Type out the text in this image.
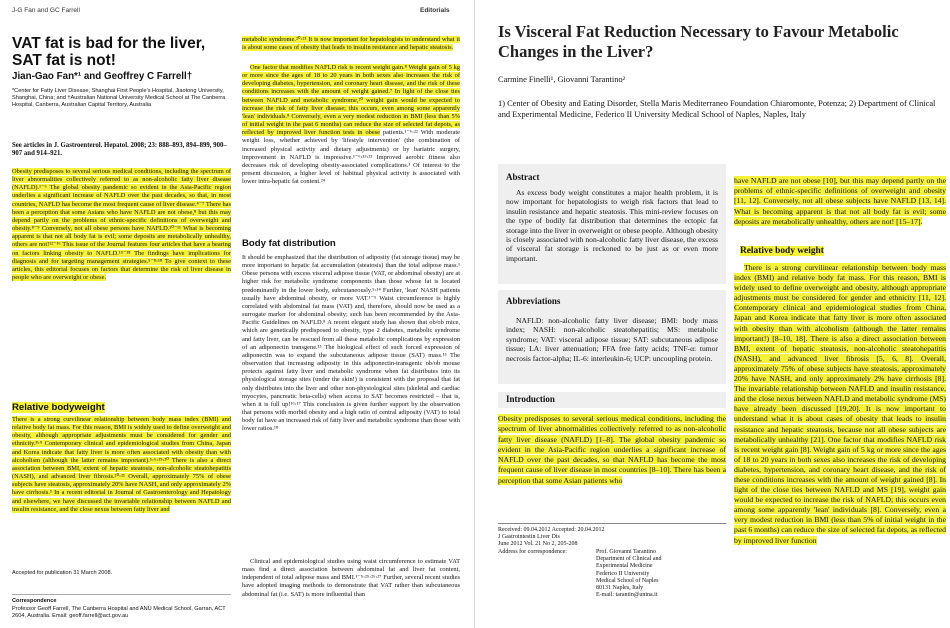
J-G Fan and GC Farrell	Editorials
VAT fat is bad for the liver, SAT fat is not!
Jian-Gao Fan*¹ and Geoffrey C Farrell†
*Center for Fatty Liver Disease, Shanghai First People's Hospital, Jiaotong University, Shanghai, China; and †Australian National University Medical School at The Canberra Hospital, Canberra, Australian Capital Territory, Australia
See articles in J. Gastroenterol. Hepatol. 2008; 23: 888–893, 894–899, 900–907 and 914–921.
Obesity predisposes to several serious medical conditions, including the spectrum of liver abnormalities collectively referred to as non-alcoholic fatty liver disease (NAFLD).¹⁻⁶ The global obesity pandemic so evident in the Asia-Pacific region underlies a significant increase of NAFLD over the past decades, so that, in most countries, NAFLD has become the most frequent cause of liver disease.⁴⁻⁷ There has been a perception that some Asians who have NAFLD are not obese,⁸ but this may depend partly on the problems of ethnic-specific definitions of overweight and obesity.⁸⁻⁹ Conversely, not all obese persons have NAFLD.¹⁰⁻¹¹ What is becoming apparent is that not all body fat is evil; some deposits are metabolically unhealthy, others are not!¹²⁻¹⁶ This issue of the Journal features four articles that have a bearing on factors linking obesity to NAFLD.¹⁵⁻¹⁸ The findings have implications for diagnosis and for targeting management strategies.⁵⁻⁸⋅¹⁸ To give context to these articles, this editorial focuses on factors that determine the risk of liver disease in people who are overweight or obese.
Relative bodyweight
There is a strong curvilinear relationship between body mass index (BMI) and relative body fat mass. For this reason, BMI is widely used to define overweight and obesity, although appropriate adjustments must be considered for gender and ethnicity.⁸⋅⁹ Contemporary clinical and epidemiological studies from China, Japan and Korea indicate that fatty liver is more often associated with obesity than with alcoholism (although the latter remains important).⁵⋅⁶⋅¹⁹⋅²⁰ There is also a direct association between BMI, extent of hepatic steatosis, non-alcoholic steatohepatitis (NASH), and advanced liver fibrosis.²⁰⋅²¹ Overall, approximately 75% of obese subjects have steatosis, approximately 20% have NASH, and only approximately 2% have cirrhosis.⁵ In a recent editorial in Journal of Gastroenterology and Hepatology and elsewhere, we have discussed the invariable relationship between NAFLD and insulin resistance, and the close nexus between fatty liver and
Accepted for publication 31 March 2008.
Correspondence
Professor Geoff Farrell, The Canberra Hospital and ANU Medical School, Garran, ACT 2604, Australia. Email: geoff.farrell@act.gov.au
metabolic syndrome.²⁰⋅²¹ It is now important for hepatologists to understand what it is about some cases of obesity that leads to insulin resistance and hepatic steatosis.
One factor that modifies NAFLD risk is recent weight gain.⁸ Weight gain of 5 kg or more since the ages of 18 to 20 years in both sexes also increases the risk of developing diabetes, hypertension, and coronary heart disease, and the risk of these conditions increases with the amount of weight gained.⁷ In light of the close ties between NAFLD and metabolic syndrome,²⁰ weight gain would be expected to increase the risk of fatty liver disease; this occurs, even among some apparently 'lean' individuals.⁸ Conversely, even a very modest reduction in BMI (less than 5% of initial weight in the past 6 months) can reduce the size of selected fat depots, as reflected by improved liver function tests in obese patients.¹⁻⁶⋅²² With moderate weight loss, whether achieved by 'lifestyle intervention' (the combination of increased physical activity and dietary adjustments) or by bariatric surgery, improvement in NAFLD is impressive.¹⁻⁶⋅¹³⋅²³ Improved aerobic fitness also decreases risk of developing obesity-associated complications.¹ Of interest to the present discussion, a higher level of habitual physical activity is associated with lower intra-hepatic fat content.²⁴
Body fat distribution
It should be emphasized that the distribution of adiposity (fat storage tissue) may be more important to hepatic fat accumulation (steatosis) than the total adipose mass.¹ Obese persons with excess visceral adipose tissue (VAT, or abdominal obesity) are at higher risk for metabolic syndrome components than those whose fat is located predominantly in the lower body, subcutaneously.⁵⋅¹⁴ Further, 'lean' NASH patients usually have abdominal obesity, or more VAT.¹⁻⁵ Waist circumference is highly correlated with abdominal fat mass (VAT) and, therefore, should now be used as a surrogate marker for abdominal obesity; such has been recommended by the Asia-Pacific Guidelines on NAFLD.⁸ A recent elegant study has shown that ob/ob mice, which are genetically predisposed to obesity, type 2 diabetes, metabolic syndrome and fatty liver, can be rescued from all these metabolic complications by expression of an adiponectin transgene.¹⁵ The biological effect of such forced expression of adiponectin was to expand the subcutaneous adipose tissue (SAT) mass.¹⁵ The observation that increasing adiposity in this adiponectin-transgenic ob/ob mouse protects against fatty liver and metabolic syndrome when fat distributes into its physiological storage sites (under the skin!) is consistent with the proposal that fat only distributes into the liver and other non-physiological sites (skeletal and cardiac myocytes, pancreatic beta-cells) when access to SAT becomes restricted – that is, when it is full up!¹⁶⋅¹⁷ This conclusion is given further support by the observation that persons with morbid obesity and a high ratio of central adiposity (VAT) to total body fat have an increased risk of fatty liver and metabolic syndrome than those with lower ratios.¹⁸
Clinical and epidemiological studies using waist circumference to estimate VAT mass find a direct association between abdominal fat and liver fat content, independent of total adipose mass and BMI.¹⁻⁵⋅²⁵⋅²⁶⋅²⁷ Further, several recent studies have adopted imaging methods to demonstrate that VAT rather than subcutaneous abdominal fat (i.e. SAT) is more influential than
Is Visceral Fat Reduction Necessary to Favour Metabolic Changes in the Liver?
Carmine Finelli¹, Giovanni Tarantino²
1) Center of Obesity and Eating Disorder, Stella Maris Mediterraneo Foundation Chiaromonte, Potenza; 2) Department of Clinical and Experimental Medicine, Federico II University Medical School of Naples, Naples, Italy
Abstract
As excess body weight constitutes a major health problem, it is now important for hepatologists to weigh risk factors that lead to insulin resistance and hepatic steatosis. This mini-review focuses on the type of bodily fat distribution that determines the ectopic fat storage into the liver in overweight or obese people. Although obesity is closely associated with non-alcoholic fatty liver disease, the excess of visceral fat storage is reckoned to be just as or even more important.
Abbreviations
NAFLD: non-alcoholic fatty liver disease; BMI: body mass index; NASH: non-alcoholic steatohepatitis; MS: metabolic syndrome; VAT: visceral adipose tissue; SAT: subcutaneous adipose tissue; LA: liver attenuation; FFA free fatty acids; TNF-α: tumor necrosis factor-alpha; IL-6: interleukin-6; UCP: uncoupling protein.
Introduction
Obesity predisposes to several serious medical conditions, including the spectrum of liver abnormalities collectively referred to as non-alcoholic fatty liver disease (NAFLD) [1–8]. The global obesity pandemic so evident in the Asia-Pacific region underlies a significant increase of NAFLD over the past decades, so that NAFLD has become the most frequent cause of liver disease in most countries [8–10]. There has been a perception that some Asian patients who
Received: 09.04.2012 Accepted: 20.04.2012
J Gastrointestin Liver Dis
June 2012 Vol. 21 No 2, 205-208
Address for correspondence:	Prof. Giovanni Tarantino
Department of Clinical and
Experimental Medicine
Federico II University
Medical School of Naples
80131 Naples, Italy
E-mail: tarantin@unina.it
have NAFLD are not obese [10], but this may depend partly on the problems of ethnic-specific definitions of overweight and obesity [11, 12]. Conversely, not all obese subjects have NAFLD [13, 14]. What is becoming apparent is that not all body fat is evil; some deposits are metabolically unhealthy, others are not! [15–17].
Relative body weight
There is a strong curvilinear relationship between body mass index (BMI) and relative body fat mass. For this reason, BMI is widely used to define overweight and obesity, although appropriate adjustments must be considered for gender and ethnicity [11, 12]. Contemporary clinical and epidemiological studies from China, Japan and Korea indicate that fatty liver is more often associated with obesity than with alcoholism (although the latter remains important!) [8–10, 18]. There is also a direct association between BMI, extent of hepatic steatosis, non-alcoholic steatohepatitis (NASH), and advanced liver fibrosis [5, 6, 8]. Overall, approximately 75% of obese subjects have steatosis, approximately 20% have NASH, and only approximately 2% have cirrhosis [8]. The invariable relationship between NAFLD and insulin resistance, and the close nexus between NAFLD and metabolic syndrome (MS) have already been discussed [19,20]. It is now important to understand what it is about cases of obesity that leads to insulin resistance and hepatic steatosis, because not all obese subjects are metabolically unhealthy [21]. One factor that modifies NAFLD risk is recent weight gain [8]. Weight gain of 5 kg or more since the ages of 18 to 20 years in both sexes also increases the risk of developing diabetes, hypertension, and coronary heart disease, and the risk of these conditions increases with the amount of weight gained [8]. In light of the close ties between NAFLD and MS [19], weight gain would be expected to increase the risk of NAFLD; this occurs even among some apparently 'lean' individuals [8]. Conversely, even a very modest reduction in BMI (less than 5% of initial weight in the past 6 months) can reduce the size of selected fat depots, as reflected by improved liver function
